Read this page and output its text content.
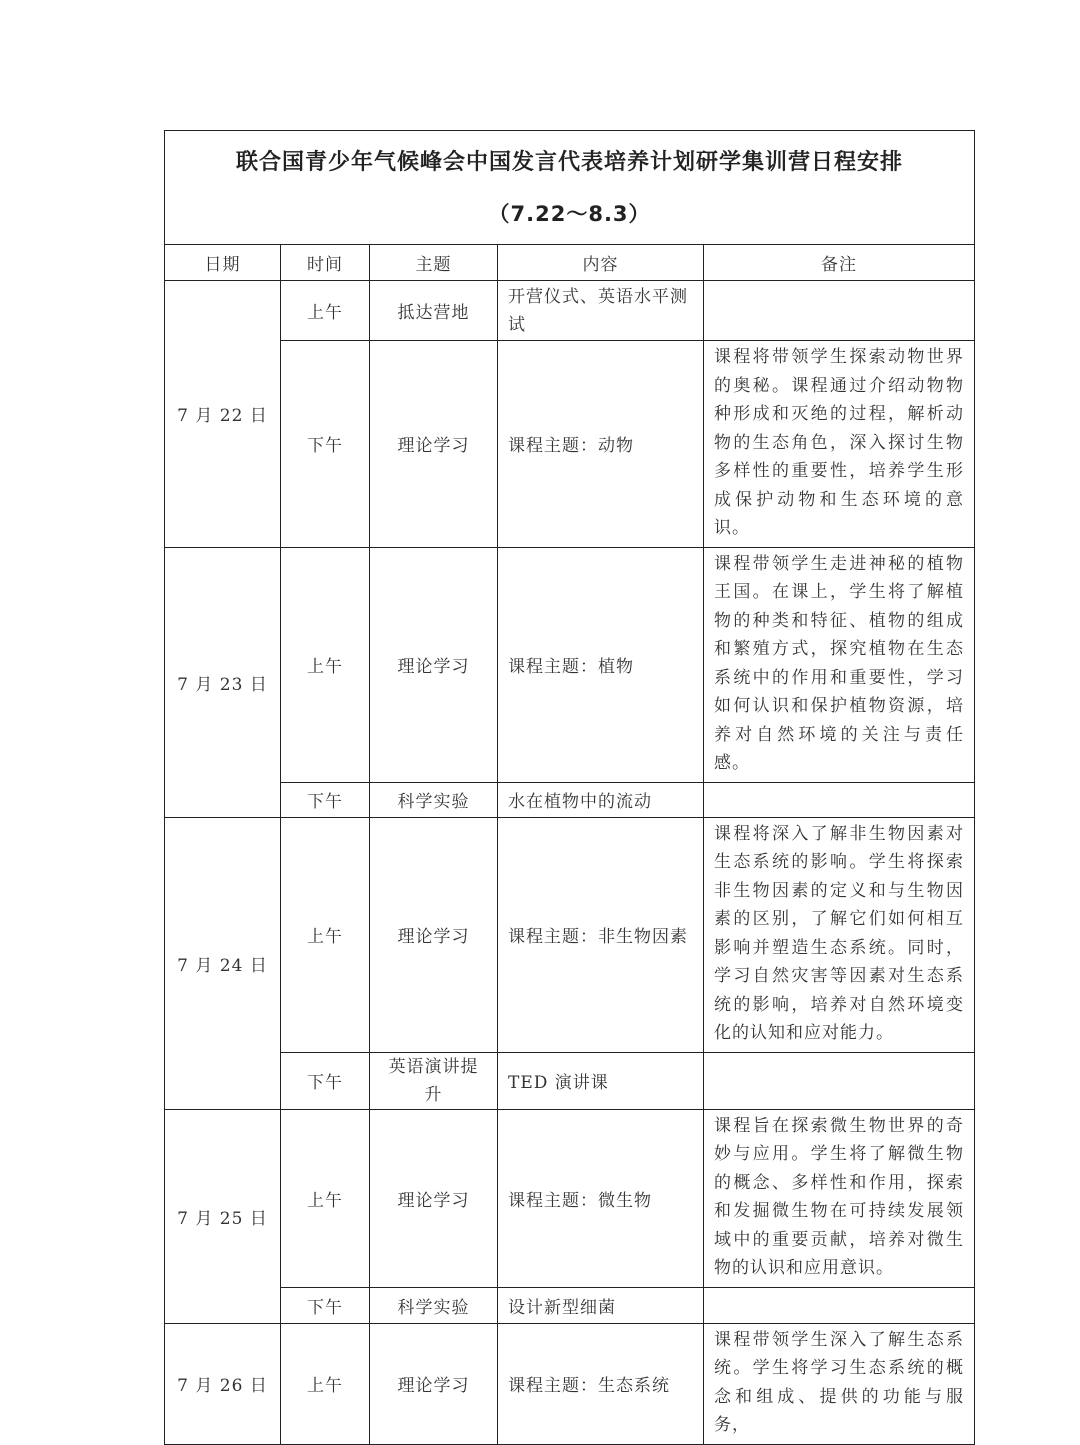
联合国青少年气候峰会中国发言代表培养计划研学集训营日程安排
（7.22～8.3）				

日期	时间	主题	内容	备注
7 月 22 日	上午	抵达营地	开营仪式、英语水平测试	
	下午	理论学习	课程主题：动物	课程将带领学生探索动物世界的奥秘。课程通过介绍动物物种形成和灭绝的过程，解析动物的生态角色，深入探讨生物多样性的重要性，培养学生形成保护动物和生态环境的意识。
7 月 23 日	上午	理论学习	课程主题：植物	课程带领学生走进神秘的植物王国。在课上，学生将了解植物的种类和特征、植物的组成和繁殖方式，探究植物在生态系统中的作用和重要性，学习如何认识和保护植物资源，培养对自然环境的关注与责任感。
	下午	科学实验	水在植物中的流动	
7 月 24 日	上午	理论学习	课程主题：非生物因素	课程将深入了解非生物因素对生态系统的影响。学生将探索非生物因素的定义和与生物因素的区别，了解它们如何相互影响并塑造生态系统。同时，学习自然灾害等因素对生态系统的影响，培养对自然环境变化的认知和应对能力。
	下午	英语演讲提升	TED 演讲课	
7 月 25 日	上午	理论学习	课程主题：微生物	课程旨在探索微生物世界的奇妙与应用。学生将了解微生物的概念、多样性和作用，探索和发掘微生物在可持续发展领域中的重要贡献，培养对微生物的认识和应用意识。
	下午	科学实验	设计新型细菌	
7 月 26 日	上午	理论学习	课程主题：生态系统	课程带领学生深入了解生态系统。学生将学习生态系统的概念和组成、提供的功能与服务，
